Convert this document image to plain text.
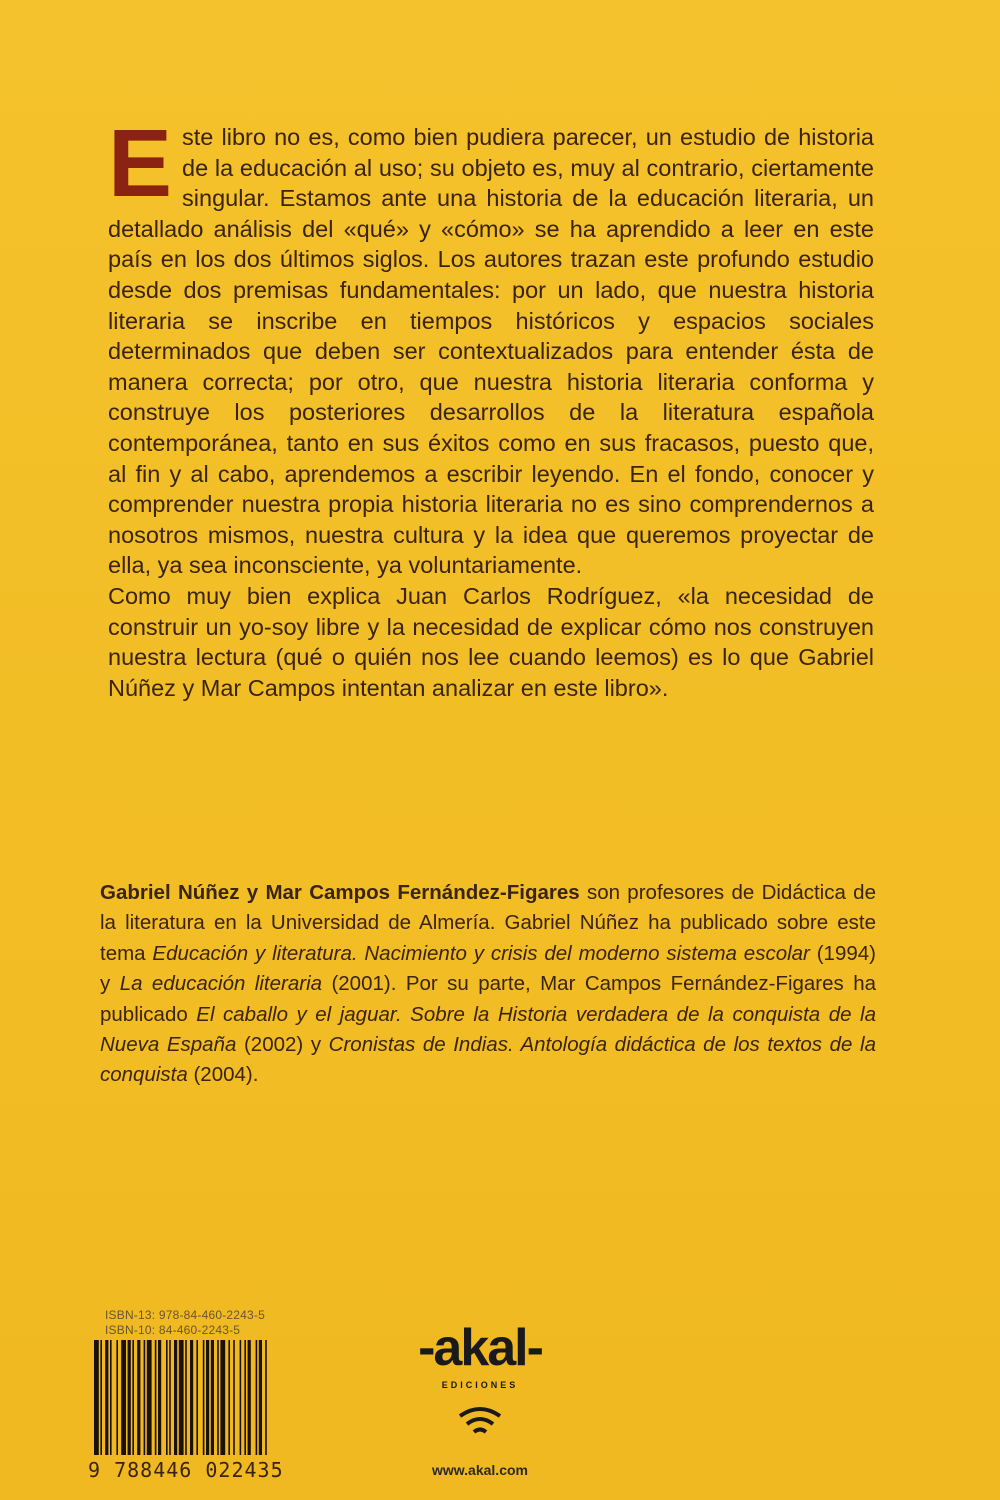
Este libro no es, como bien pudiera parecer, un estudio de historia de la educación al uso; su objeto es, muy al contrario, ciertamente singular. Estamos ante una historia de la educación literaria, un detallado análisis del «qué» y «cómo» se ha aprendido a leer en este país en los dos últimos siglos. Los autores trazan este profundo estudio desde dos premisas fundamentales: por un lado, que nuestra historia literaria se inscribe en tiempos históricos y espacios sociales determinados que deben ser contextualizados para entender ésta de manera correcta; por otro, que nuestra historia literaria conforma y construye los posteriores desarrollos de la literatura española contemporánea, tanto en sus éxitos como en sus fracasos, puesto que, al fin y al cabo, aprendemos a escribir leyendo. En el fondo, conocer y comprender nuestra propia historia literaria no es sino comprendernos a nosotros mismos, nuestra cultura y la idea que queremos proyectar de ella, ya sea inconsciente, ya voluntariamente.

Como muy bien explica Juan Carlos Rodríguez, «la necesidad de construir un yo-soy libre y la necesidad de explicar cómo nos construyen nuestra lectura (qué o quién nos lee cuando leemos) es lo que Gabriel Núñez y Mar Campos intentan analizar en este libro».

Gabriel Núñez y Mar Campos Fernández-Figares son profesores de Didáctica de la literatura en la Universidad de Almería. Gabriel Núñez ha publicado sobre este tema Educación y literatura. Nacimiento y crisis del moderno sistema escolar (1994) y La educación literaria (2001). Por su parte, Mar Campos Fernández-Figares ha publicado El caballo y el jaguar. Sobre la Historia verdadera de la conquista de la Nueva España (2002) y Cronistas de Indias. Antología didáctica de los textos de la conquista (2004).
ISBN-13: 978-84-460-2243-5
ISBN-10: 84-460-2243-5
9 788446 022435
-akal-
EDICIONES
www.akal.com
